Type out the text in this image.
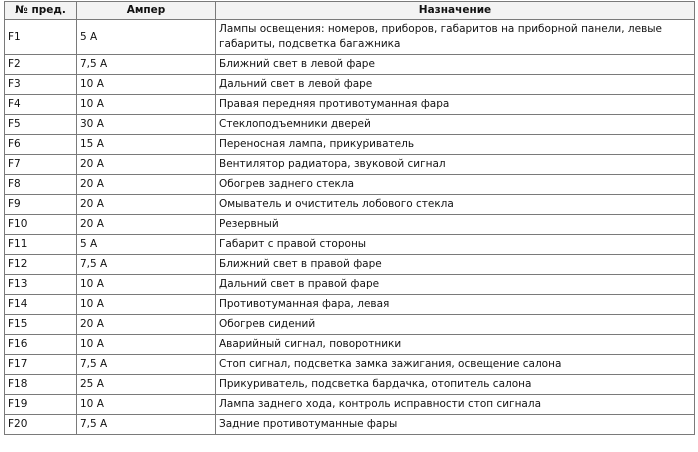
№ пред.	Ампер	Назначение
F1	5 А	Лампы освещения: номеров, приборов, габаритов на приборной панели, левые габариты, подсветка багажника
F2	7,5 А	Ближний свет в левой фаре
F3	10 А	Дальний свет в левой фаре
F4	10 А	Правая передняя противотуманная фара
F5	30 А	Стеклоподъемники дверей
F6	15 А	Переносная лампа, прикуриватель
F7	20 А	Вентилятор радиатора, звуковой сигнал
F8	20 А	Обогрев заднего стекла
F9	20 А	Омыватель и очиститель лобового стекла
F10	20 А	Резервный
F11	5 А	Габарит с правой стороны
F12	7,5 А	Ближний свет в правой фаре
F13	10 А	Дальний свет в правой фаре
F14	10 А	Противотуманная фара, левая
F15	20 А	Обогрев сидений
F16	10 А	Аварийный сигнал, поворотники
F17	7,5 А	Стоп сигнал, подсветка замка зажигания, освещение салона
F18	25 А	Прикуриватель, подсветка бардачка, отопитель салона
F19	10 А	Лампа заднего хода, контроль исправности стоп сигнала
F20	7,5 А	Задние противотуманные фары
